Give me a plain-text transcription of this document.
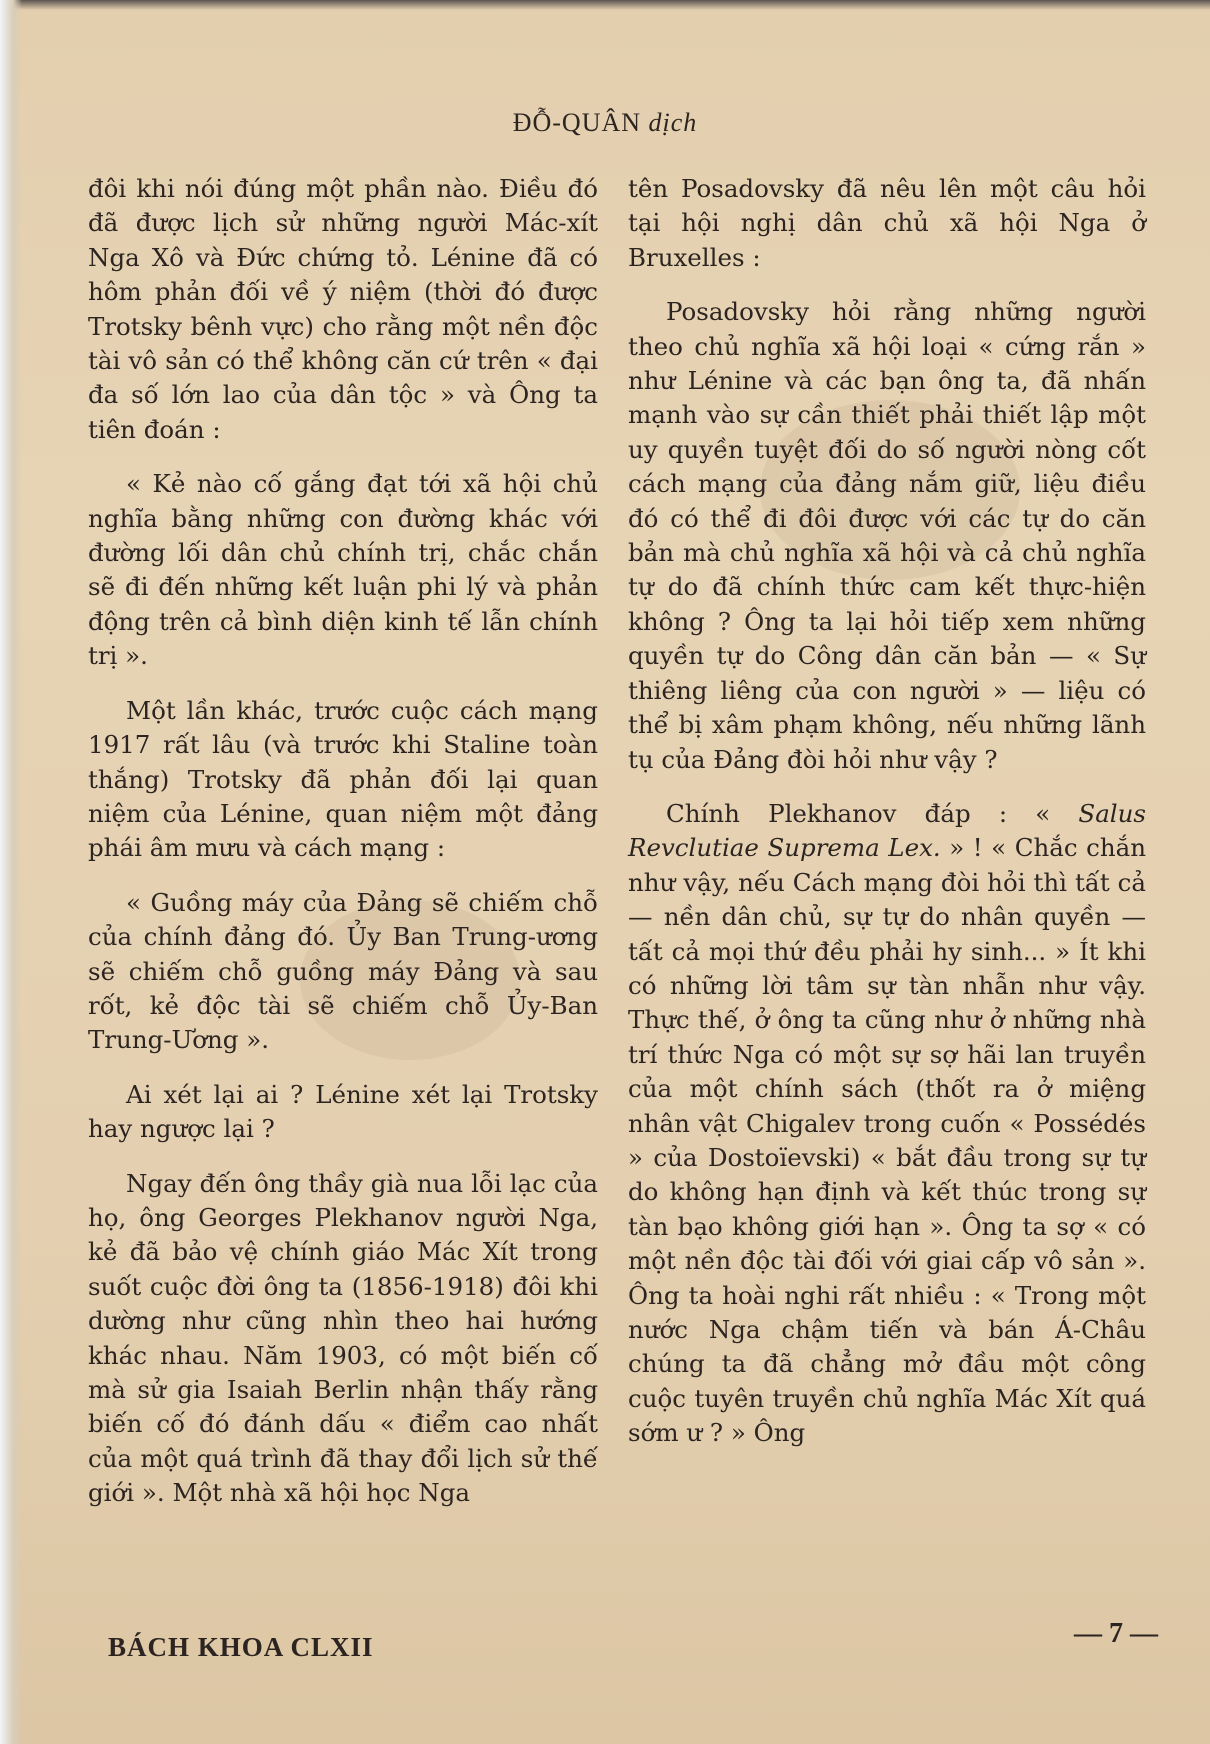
ĐỖ-QUÂN dịch

đôi khi nói đúng một phần nào. Điều đó đã được lịch sử những người Mác-xít Nga Xô và Đức chứng tỏ. Lénine đã có hôm phản đối về ý niệm (thời đó được Trotsky bênh vực) cho rằng một nền độc tài vô sản có thể không căn cứ trên « đại đa số lớn lao của dân tộc » và Ông ta tiên đoán :

« Kẻ nào cố gắng đạt tới xã hội chủ nghĩa bằng những con đường khác với đường lối dân chủ chính trị, chắc chắn sẽ đi đến những kết luận phi lý và phản động trên cả bình diện kinh tế lẫn chính trị ».

Một lần khác, trước cuộc cách mạng 1917 rất lâu (và trước khi Staline toàn thắng) Trotsky đã phản đối lại quan niệm của Lénine, quan niệm một đảng phái âm mưu và cách mạng :

« Guồng máy của Đảng sẽ chiếm chỗ của chính đảng đó. Ủy Ban Trung-ương sẽ chiếm chỗ guồng máy Đảng và sau rốt, kẻ độc tài sẽ chiếm chỗ Ủy-Ban Trung-Ương ».

Ai xét lại ai ? Lénine xét lại Trotsky hay ngược lại ?

Ngay đến ông thầy già nua lỗi lạc của họ, ông Georges Plekhanov người Nga, kẻ đã bảo vệ chính giáo Mác Xít trong suốt cuộc đời ông ta (1856-1918) đôi khi dường như cũng nhìn theo hai hướng khác nhau. Năm 1903, có một biến cố mà sử gia Isaiah Berlin nhận thấy rằng biến cố đó đánh dấu « điểm cao nhất của một quá trình đã thay đổi lịch sử thế giới ». Một nhà xã hội học Nga

tên Posadovsky đã nêu lên một câu hỏi tại hội nghị dân chủ xã hội Nga ở Bruxelles :

Posadovsky hỏi rằng những người theo chủ nghĩa xã hội loại « cứng rắn » như Lénine và các bạn ông ta, đã nhấn mạnh vào sự cần thiết phải thiết lập một uy quyền tuyệt đối do số người nòng cốt cách mạng của đảng nắm giữ, liệu điều đó có thể đi đôi được với các tự do căn bản mà chủ nghĩa xã hội và cả chủ nghĩa tự do đã chính thức cam kết thực-hiện không ? Ông ta lại hỏi tiếp xem những quyền tự do Công dân căn bản — « Sự thiêng liêng của con người » — liệu có thể bị xâm phạm không, nếu những lãnh tụ của Đảng đòi hỏi như vậy ?

Chính Plekhanov đáp : « Salus Revclutiae Suprema Lex. » ! « Chắc chắn như vậy, nếu Cách mạng đòi hỏi thì tất cả — nền dân chủ, sự tự do nhân quyền — tất cả mọi thứ đều phải hy sinh... » Ít khi có những lời tâm sự tàn nhẫn như vậy. Thực thế, ở ông ta cũng như ở những nhà trí thức Nga có một sự sợ hãi lan truyền của một chính sách (thốt ra ở miệng nhân vật Chigalev trong cuốn « Possédés » của Dostoïevski) « bắt đầu trong sự tự do không hạn định và kết thúc trong sự tàn bạo không giới hạn ». Ông ta sợ « có một nền độc tài đối với giai cấp vô sản ». Ông ta hoài nghi rất nhiều : « Trong một nước Nga chậm tiến và bán Á-Châu chúng ta đã chẳng mở đầu một công cuộc tuyên truyền chủ nghĩa Mác Xít quá sớm ư ? » Ông

BÁCH KHOA CLXII	— 7 —
